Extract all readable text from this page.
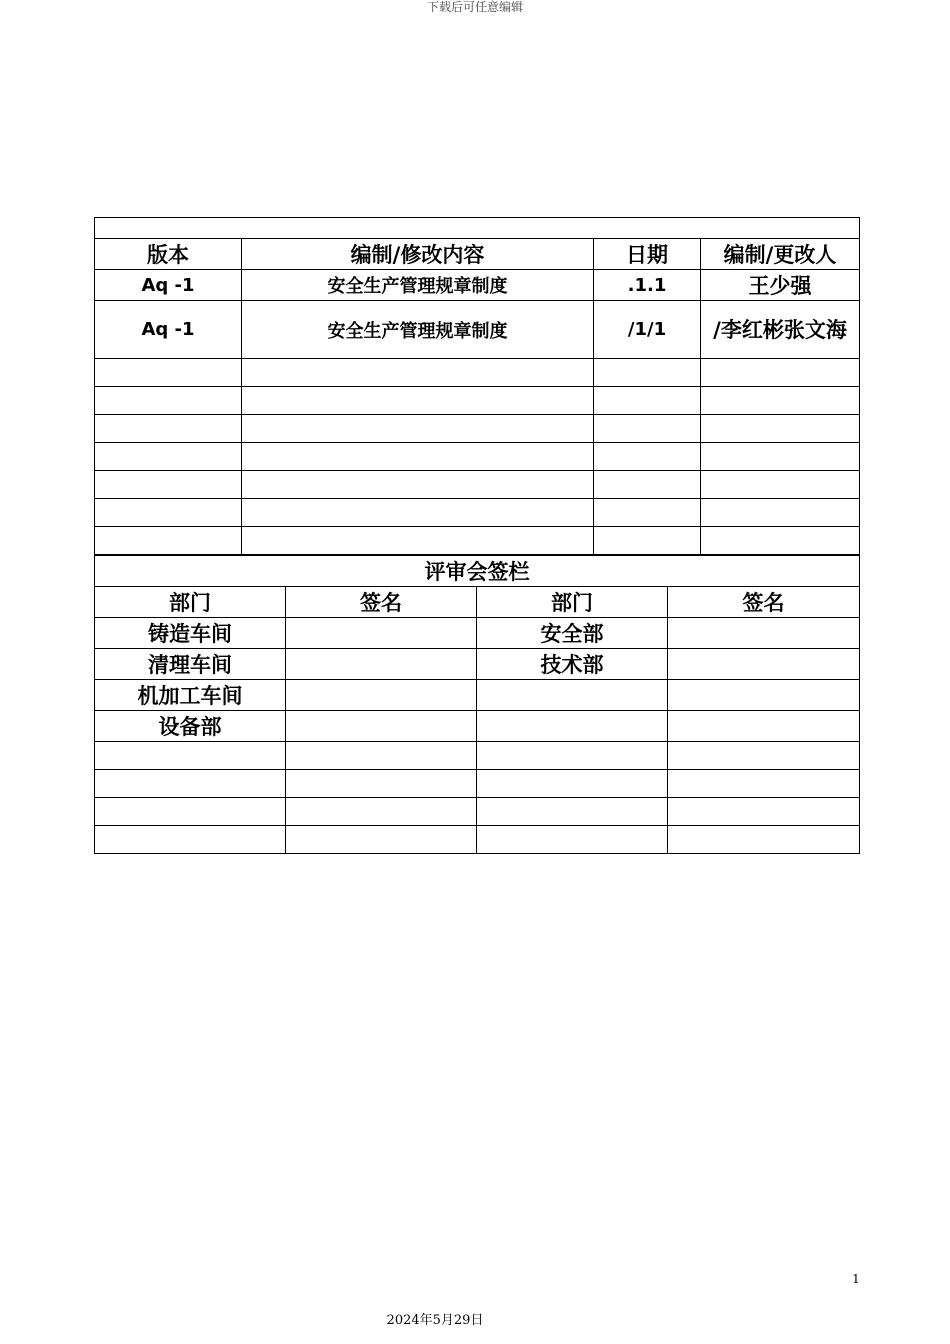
下载后可任意编辑

版本	编制/修改内容	日期	编制/更改人
Aq -1	安全生产管理规章制度	.1.1	王少强
Aq -1	安全生产管理规章制度	/1/1	/李红彬张文海

评审会签栏			
部门	签名	部门	签名
铸造车间		安全部	
清理车间		技术部	
机加工车间			
设备部			

1
2024年5月29日
